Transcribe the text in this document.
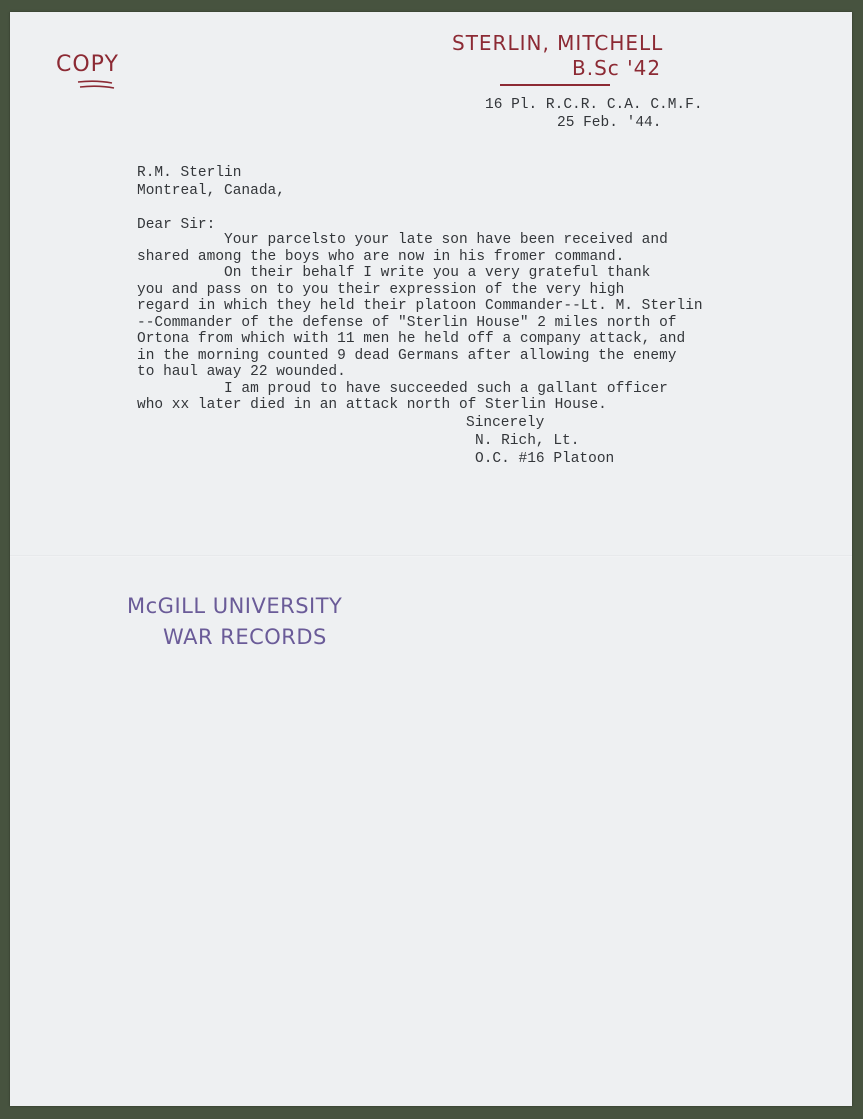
COPY
STERLIN, MITCHELL
B.Sc '42
16 Pl. R.C.R. C.A. C.M.F.
25 Feb. '44.
R.M. Sterlin
Montreal, Canada,
Dear Sir:
Your parcelsto your late son have been received and
shared among the boys who are now in his fromer command.
On their behalf I write you a very grateful thank
you and pass on to you their expression of the very high
regard in which they held their platoon Commander--Lt. M. Sterlin
--Commander of the defense of "Sterlin House" 2 miles north of
Ortona from which with 11 men he held off a company attack, and
in the morning counted 9 dead Germans after allowing the enemy
to haul away 22 wounded.
I am proud to have succeeded such a gallant officer
who xx later died in an attack north of Sterlin House.
Sincerely
N. Rich, Lt.
O.C. #16 Platoon
McGILL UNIVERSITY
WAR RECORDS
